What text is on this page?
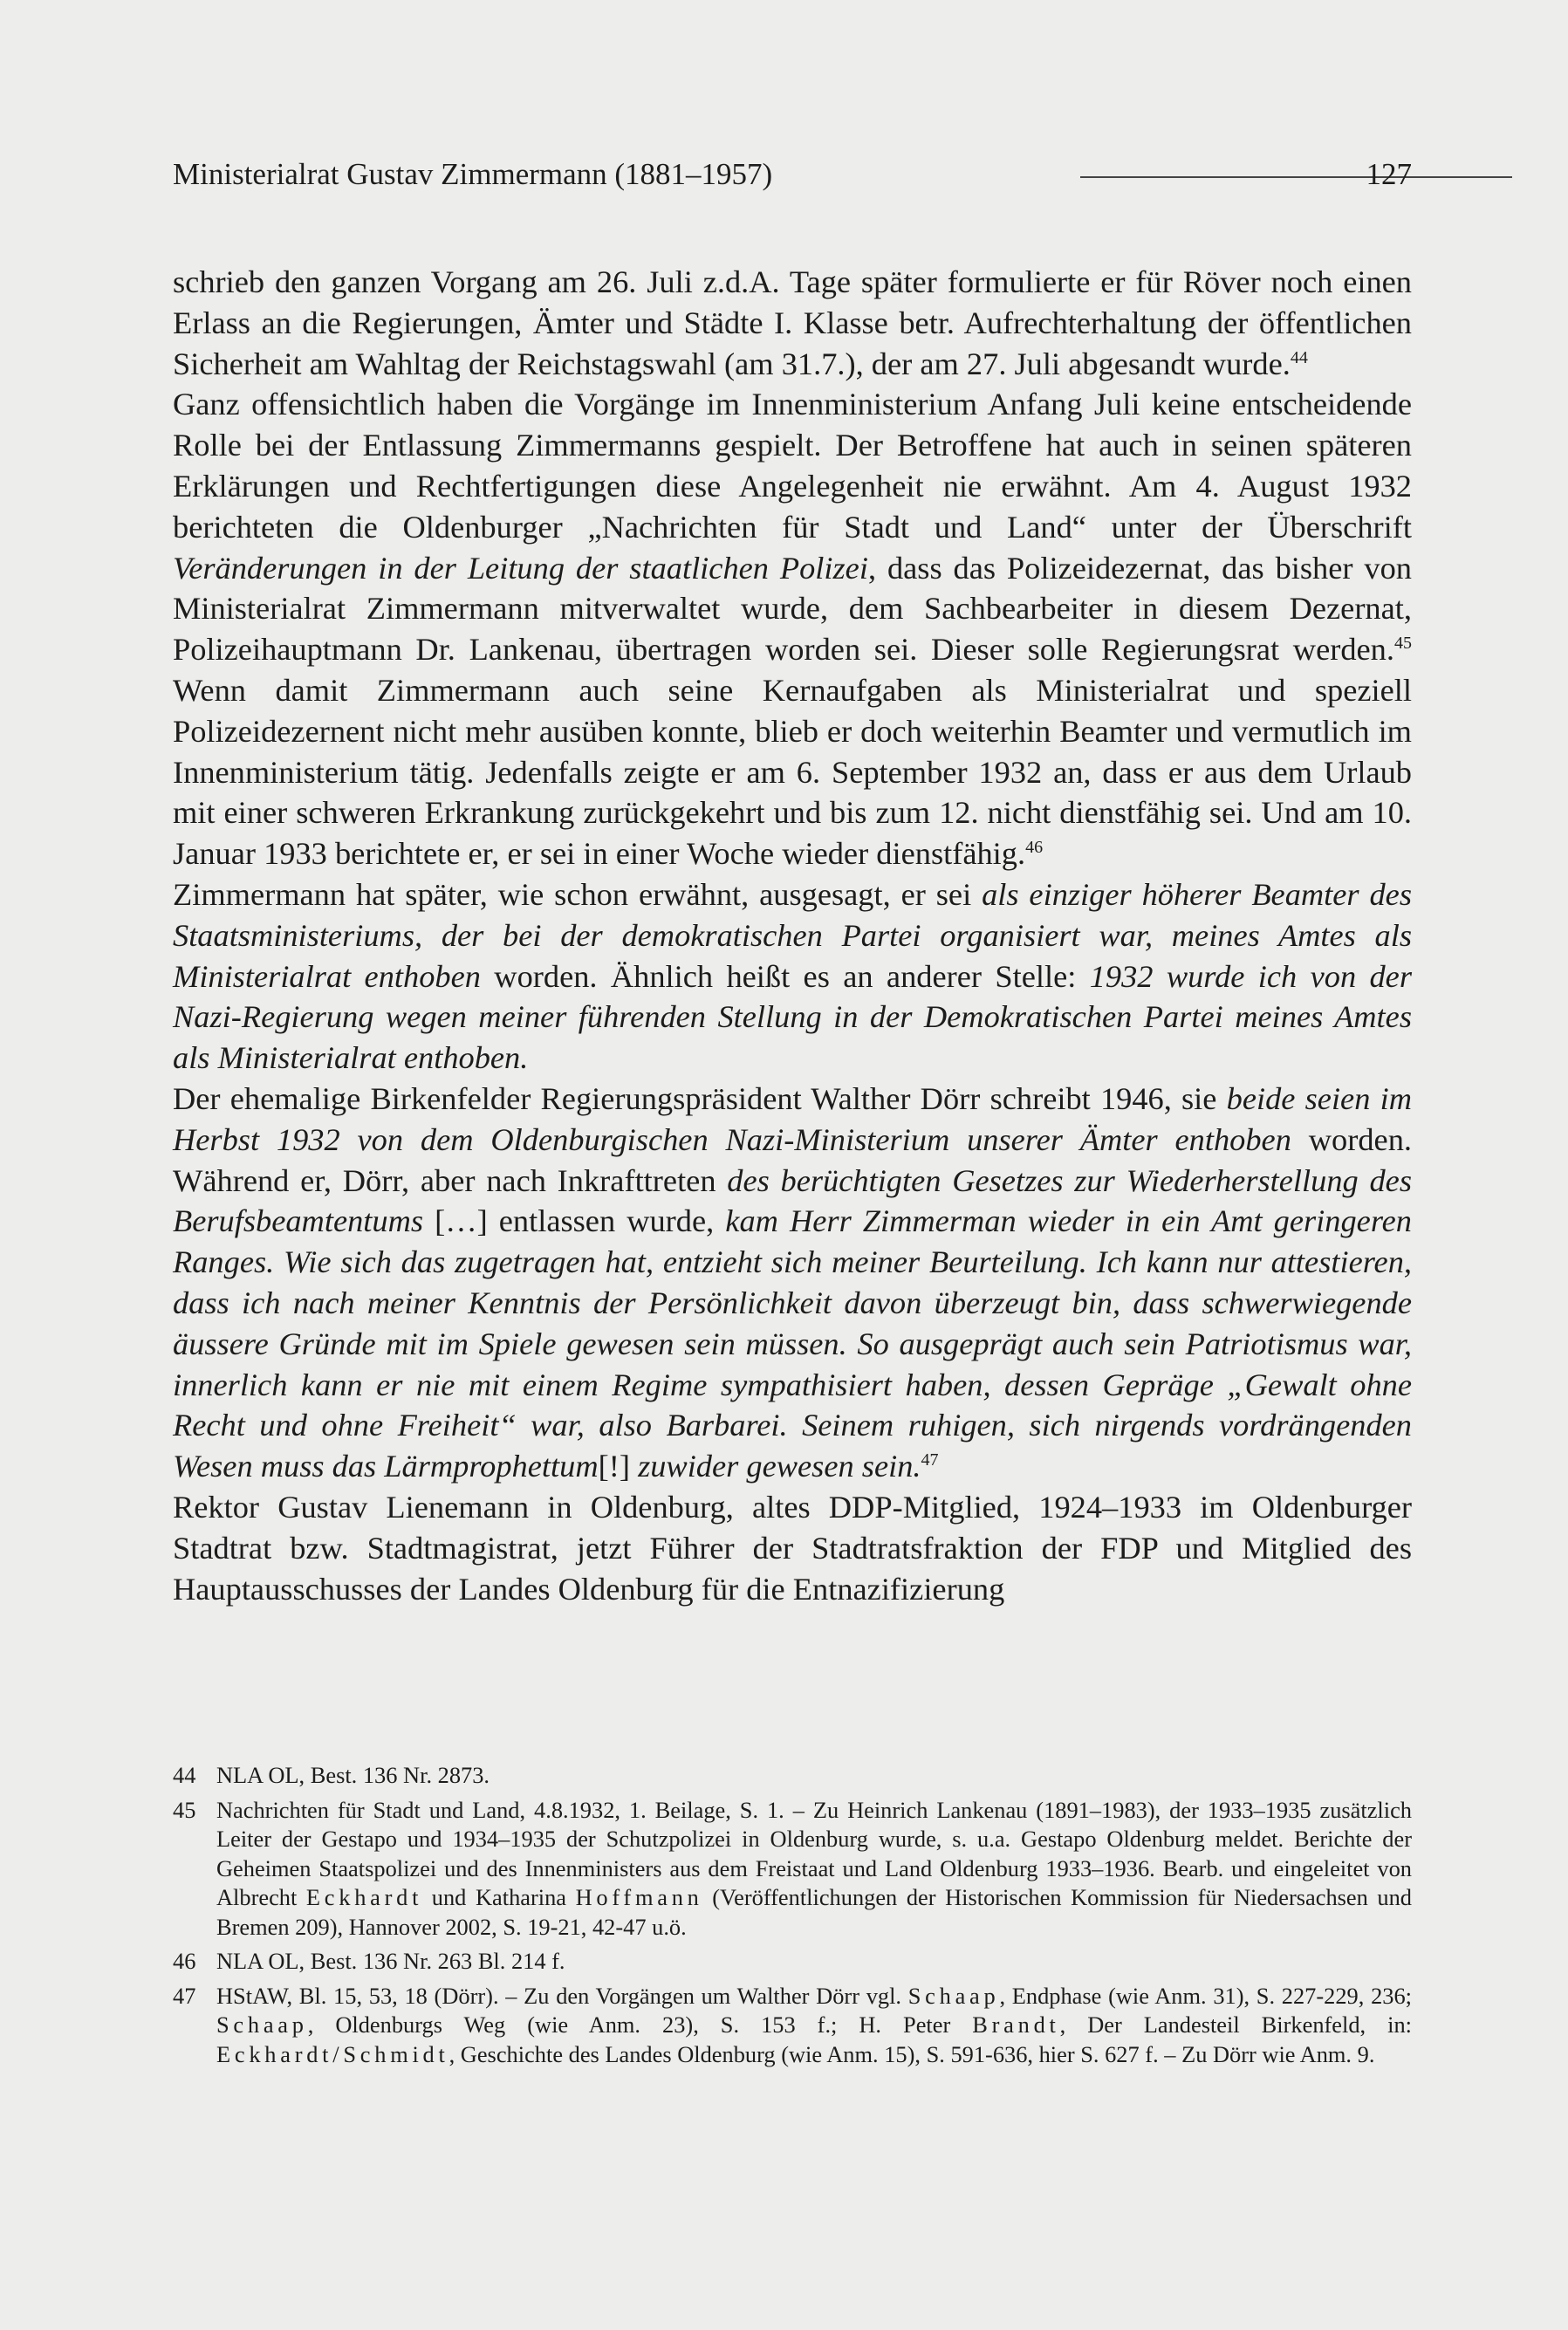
Ministerialrat Gustav Zimmermann (1881–1957)	127

schrieb den ganzen Vorgang am 26. Juli z.d.A. Tage später formulierte er für Röver noch einen Erlass an die Regierungen, Ämter und Städte I. Klasse betr. Aufrechterhaltung der öffentlichen Sicherheit am Wahltag der Reichstagswahl (am 31.7.), der am 27. Juli abgesandt wurde.$^{44}$

Ganz offensichtlich haben die Vorgänge im Innenministerium Anfang Juli keine entscheidende Rolle bei der Entlassung Zimmermanns gespielt. Der Betroffene hat auch in seinen späteren Erklärungen und Rechtfertigungen diese Angelegenheit nie erwähnt. Am 4. August 1932 berichteten die Oldenburger „Nachrichten für Stadt und Land“ unter der Überschrift Veränderungen in der Leitung der staatlichen Polizei, dass das Polizeidezernat, das bisher von Ministerialrat Zimmermann mitverwaltet wurde, dem Sachbearbeiter in diesem Dezernat, Polizeihauptmann Dr. Lankenau, übertragen worden sei. Dieser solle Regierungsrat werden.$^{45}$ Wenn damit Zimmermann auch seine Kernaufgaben als Ministerialrat und speziell Polizeidezernent nicht mehr ausüben konnte, blieb er doch weiterhin Beamter und vermutlich im Innenministerium tätig. Jedenfalls zeigte er am 6. September 1932 an, dass er aus dem Urlaub mit einer schweren Erkrankung zurückgekehrt und bis zum 12. nicht dienstfähig sei. Und am 10. Januar 1933 berichtete er, er sei in einer Woche wieder dienstfähig.$^{46}$

Zimmermann hat später, wie schon erwähnt, ausgesagt, er sei als einziger höherer Beamter des Staatsministeriums, der bei der demokratischen Partei organisiert war, meines Amtes als Ministerialrat enthoben worden. Ähnlich heißt es an anderer Stelle: 1932 wurde ich von der Nazi-Regierung wegen meiner führenden Stellung in der Demokratischen Partei meines Amtes als Ministerialrat enthoben.

Der ehemalige Birkenfelder Regierungspräsident Walther Dörr schreibt 1946, sie beide seien im Herbst 1932 von dem Oldenburgischen Nazi-Ministerium unserer Ämter enthoben worden. Während er, Dörr, aber nach Inkrafttreten des berüchtigten Gesetzes zur Wiederherstellung des Berufsbeamtentums […] entlassen wurde, kam Herr Zimmerman wieder in ein Amt geringeren Ranges. Wie sich das zugetragen hat, entzieht sich meiner Beurteilung. Ich kann nur attestieren, dass ich nach meiner Kenntnis der Persönlichkeit davon überzeugt bin, dass schwerwiegende äussere Gründe mit im Spiele gewesen sein müssen. So ausgeprägt auch sein Patriotismus war, innerlich kann er nie mit einem Regime sympathisiert haben, dessen Gepräge „Gewalt ohne Recht und ohne Freiheit“ war, also Barbarei. Seinem ruhigen, sich nirgends vordrängenden Wesen muss das Lärmprophettum[!] zuwider gewesen sein.$^{47}$

Rektor Gustav Lienemann in Oldenburg, altes DDP-Mitglied, 1924–1933 im Oldenburger Stadtrat bzw. Stadtmagistrat, jetzt Führer der Stadtratsfraktion der FDP und Mitglied des Hauptausschusses der Landes Oldenburg für die Entnazifizierung

44 NLA OL, Best. 136 Nr. 2873.
45 Nachrichten für Stadt und Land, 4.8.1932, 1. Beilage, S. 1. – Zu Heinrich Lankenau (1891–1983), der 1933–1935 zusätzlich Leiter der Gestapo und 1934–1935 der Schutzpolizei in Oldenburg wurde, s. u.a. Gestapo Oldenburg meldet. Berichte der Geheimen Staatspolizei und des Innenministers aus dem Freistaat und Land Oldenburg 1933–1936. Bearb. und eingeleitet von Albrecht Eckhardt und Katharina Hoffmann (Veröffentlichungen der Historischen Kommission für Niedersachsen und Bremen 209), Hannover 2002, S. 19-21, 42-47 u.ö.
46 NLA OL, Best. 136 Nr. 263 Bl. 214 f.
47 HStAW, Bl. 15, 53, 18 (Dörr). – Zu den Vorgängen um Walther Dörr vgl. Schaap, Endphase (wie Anm. 31), S. 227-229, 236; Schaap, Oldenburgs Weg (wie Anm. 23), S. 153 f.; H. Peter Brandt, Der Landesteil Birkenfeld, in: Eckhardt/Schmidt, Geschichte des Landes Oldenburg (wie Anm. 15), S. 591-636, hier S. 627 f. – Zu Dörr wie Anm. 9.
